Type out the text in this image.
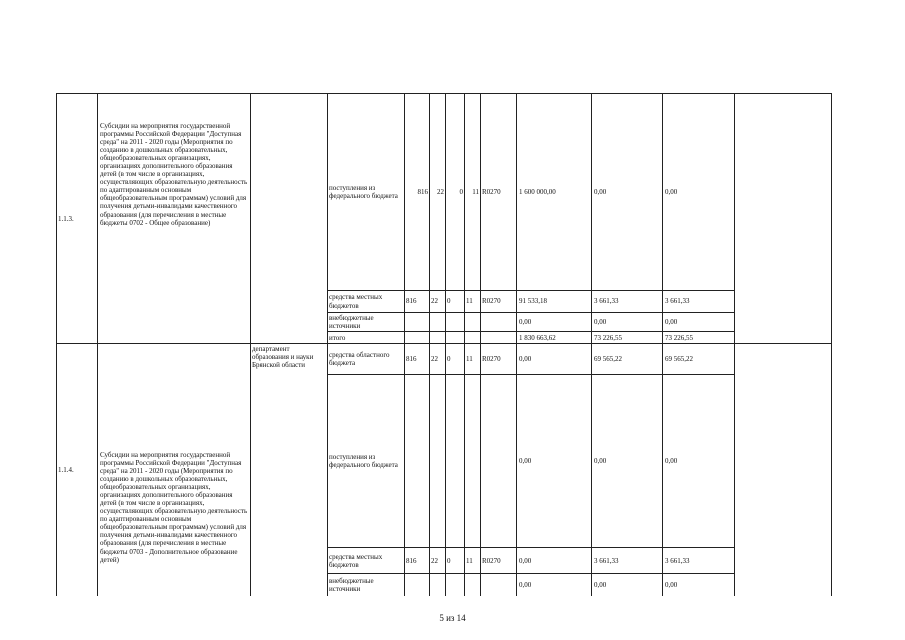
1.1.3.	Субсидии на мероприятия государственной программы Российской Федерации "Доступная среда" на 2011 - 2020 годы (Мероприятия по созданию в дошкольных образовательных, общеобразовательных организациях, организациях дополнительного образования детей (в том числе в организациях, осуществляющих образовательную деятельность по адаптированным основным общеобразовательным программам) условий для получения детьми-инвалидами качественного образования (для перечисления в местные бюджеты 0702 - Общее образование)		поступления из федерального бюджета	816	22	0	11	R0270	1 600 000,00	0,00	0,00	
			средства местных бюджетов	816	22	0	11	R0270	91 533,18	3 661,33	3 661,33	
			внебюджетные источники						0,00	0,00	0,00	
			итого						1 830 663,62	73 226,55	73 226,55	
1.1.4.	Субсидии на мероприятия государственной программы Российской Федерации "Доступная среда" на 2011 - 2020 годы (Мероприятия по созданию в дошкольных образовательных, общеобразовательных организациях, организациях дополнительного образования детей (в том числе в организациях, осуществляющих образовательную деятельность по адаптированным основным общеобразовательным программам) условий для получения детьми-инвалидами качественного образования (для перечисления в местные бюджеты 0703 - Дополнительное образование детей)	департамент образования и науки Брянской области	средства областного бюджета	816	22	0	11	R0270	0,00	69 565,22	69 565,22	
			поступления из федерального бюджета						0,00	0,00	0,00	
			средства местных бюджетов	816	22	0	11	R0270	0,00	3 661,33	3 661,33	
			внебюджетные источники						0,00	0,00	0,00	
5 из 14
